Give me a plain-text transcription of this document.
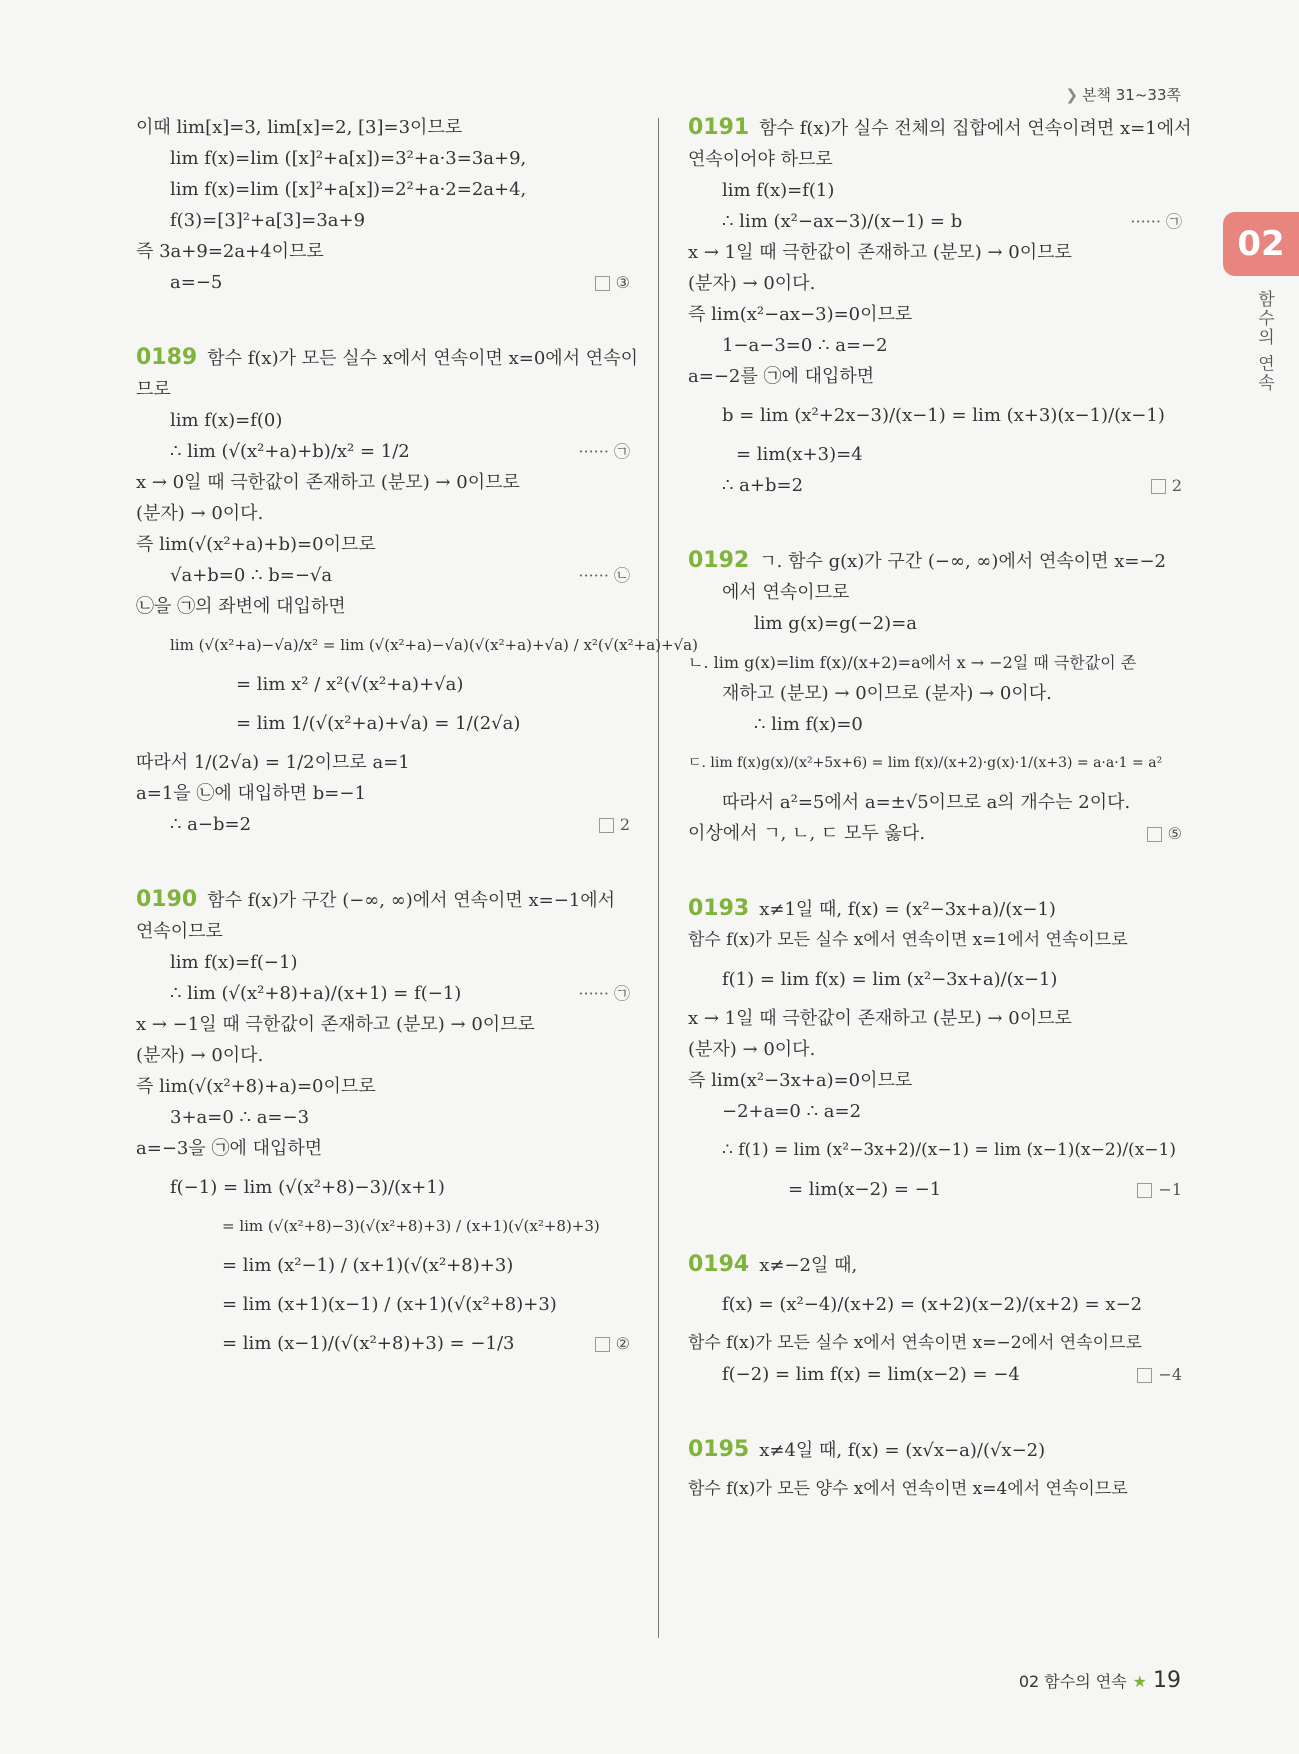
❯ 본책 31~33쪽
02
함수의 연속
이때 lim[x]=3, lim[x]=2, [3]=3이므로
lim f(x)=lim ([x]²+a[x])=3²+a·3=3a+9,
lim f(x)=lim ([x]²+a[x])=2²+a·2=2a+4,
f(3)=[3]²+a[3]=3a+9
즉 3a+9=2a+4이므로
a=−5	③
0189 함수 f(x)가 모든 실수 x에서 연속이면 x=0에서 연속이
므로
lim f(x)=f(0)
∴ lim (√(x²+a)+b)/x² = 1/2	······ ㉠
x → 0일 때 극한값이 존재하고 (분모) → 0이므로
(분자) → 0이다.
즉 lim(√(x²+a)+b)=0이므로
√a+b=0 ∴ b=−√a	······ ㉡
㉡을 ㉠의 좌변에 대입하면
lim (√(x²+a)−√a)/x² = lim (√(x²+a)−√a)(√(x²+a)+√a) / x²(√(x²+a)+√a)
= lim x² / x²(√(x²+a)+√a)
= lim 1/(√(x²+a)+√a) = 1/(2√a)
따라서 1/(2√a) = 1/2이므로 a=1
a=1을 ㉡에 대입하면 b=−1
∴ a−b=2	2
0190 함수 f(x)가 구간 (−∞, ∞)에서 연속이면 x=−1에서
연속이므로
lim f(x)=f(−1)
∴ lim (√(x²+8)+a)/(x+1) = f(−1)	······ ㉠
x → −1일 때 극한값이 존재하고 (분모) → 0이므로
(분자) → 0이다.
즉 lim(√(x²+8)+a)=0이므로
3+a=0 ∴ a=−3
a=−3을 ㉠에 대입하면
f(−1) = lim (√(x²+8)−3)/(x+1)
= lim (√(x²+8)−3)(√(x²+8)+3) / (x+1)(√(x²+8)+3)
= lim (x²−1) / (x+1)(√(x²+8)+3)
= lim (x+1)(x−1) / (x+1)(√(x²+8)+3)
= lim (x−1)/(√(x²+8)+3) = −1/3	②
0191 함수 f(x)가 실수 전체의 집합에서 연속이려면 x=1에서
연속이어야 하므로
lim f(x)=f(1)
∴ lim (x²−ax−3)/(x−1) = b	······ ㉠
x → 1일 때 극한값이 존재하고 (분모) → 0이므로
(분자) → 0이다.
즉 lim(x²−ax−3)=0이므로
1−a−3=0 ∴ a=−2
a=−2를 ㉠에 대입하면
b = lim (x²+2x−3)/(x−1) = lim (x+3)(x−1)/(x−1)
= lim(x+3)=4
∴ a+b=2	2
0192 ㄱ. 함수 g(x)가 구간 (−∞, ∞)에서 연속이면 x=−2
에서 연속이므로
lim g(x)=g(−2)=a
ㄴ. lim g(x)=lim f(x)/(x+2)=a에서 x → −2일 때 극한값이 존
재하고 (분모) → 0이므로 (분자) → 0이다.
∴ lim f(x)=0
ㄷ. lim f(x)g(x)/(x²+5x+6) = lim f(x)/(x+2)·g(x)·1/(x+3) = a·a·1 = a²
따라서 a²=5에서 a=±√5이므로 a의 개수는 2이다.
이상에서 ㄱ, ㄴ, ㄷ 모두 옳다.	⑤
0193 x≠1일 때, f(x) = (x²−3x+a)/(x−1)
함수 f(x)가 모든 실수 x에서 연속이면 x=1에서 연속이므로
f(1) = lim f(x) = lim (x²−3x+a)/(x−1)
x → 1일 때 극한값이 존재하고 (분모) → 0이므로
(분자) → 0이다.
즉 lim(x²−3x+a)=0이므로
−2+a=0 ∴ a=2
∴ f(1) = lim (x²−3x+2)/(x−1) = lim (x−1)(x−2)/(x−1)
= lim(x−2) = −1	−1
0194 x≠−2일 때,
f(x) = (x²−4)/(x+2) = (x+2)(x−2)/(x+2) = x−2
함수 f(x)가 모든 실수 x에서 연속이면 x=−2에서 연속이므로
f(−2) = lim f(x) = lim(x−2) = −4	−4
0195 x≠4일 때, f(x) = (x√x−a)/(√x−2)
함수 f(x)가 모든 양수 x에서 연속이면 x=4에서 연속이므로
02 함수의 연속 ★ 19
